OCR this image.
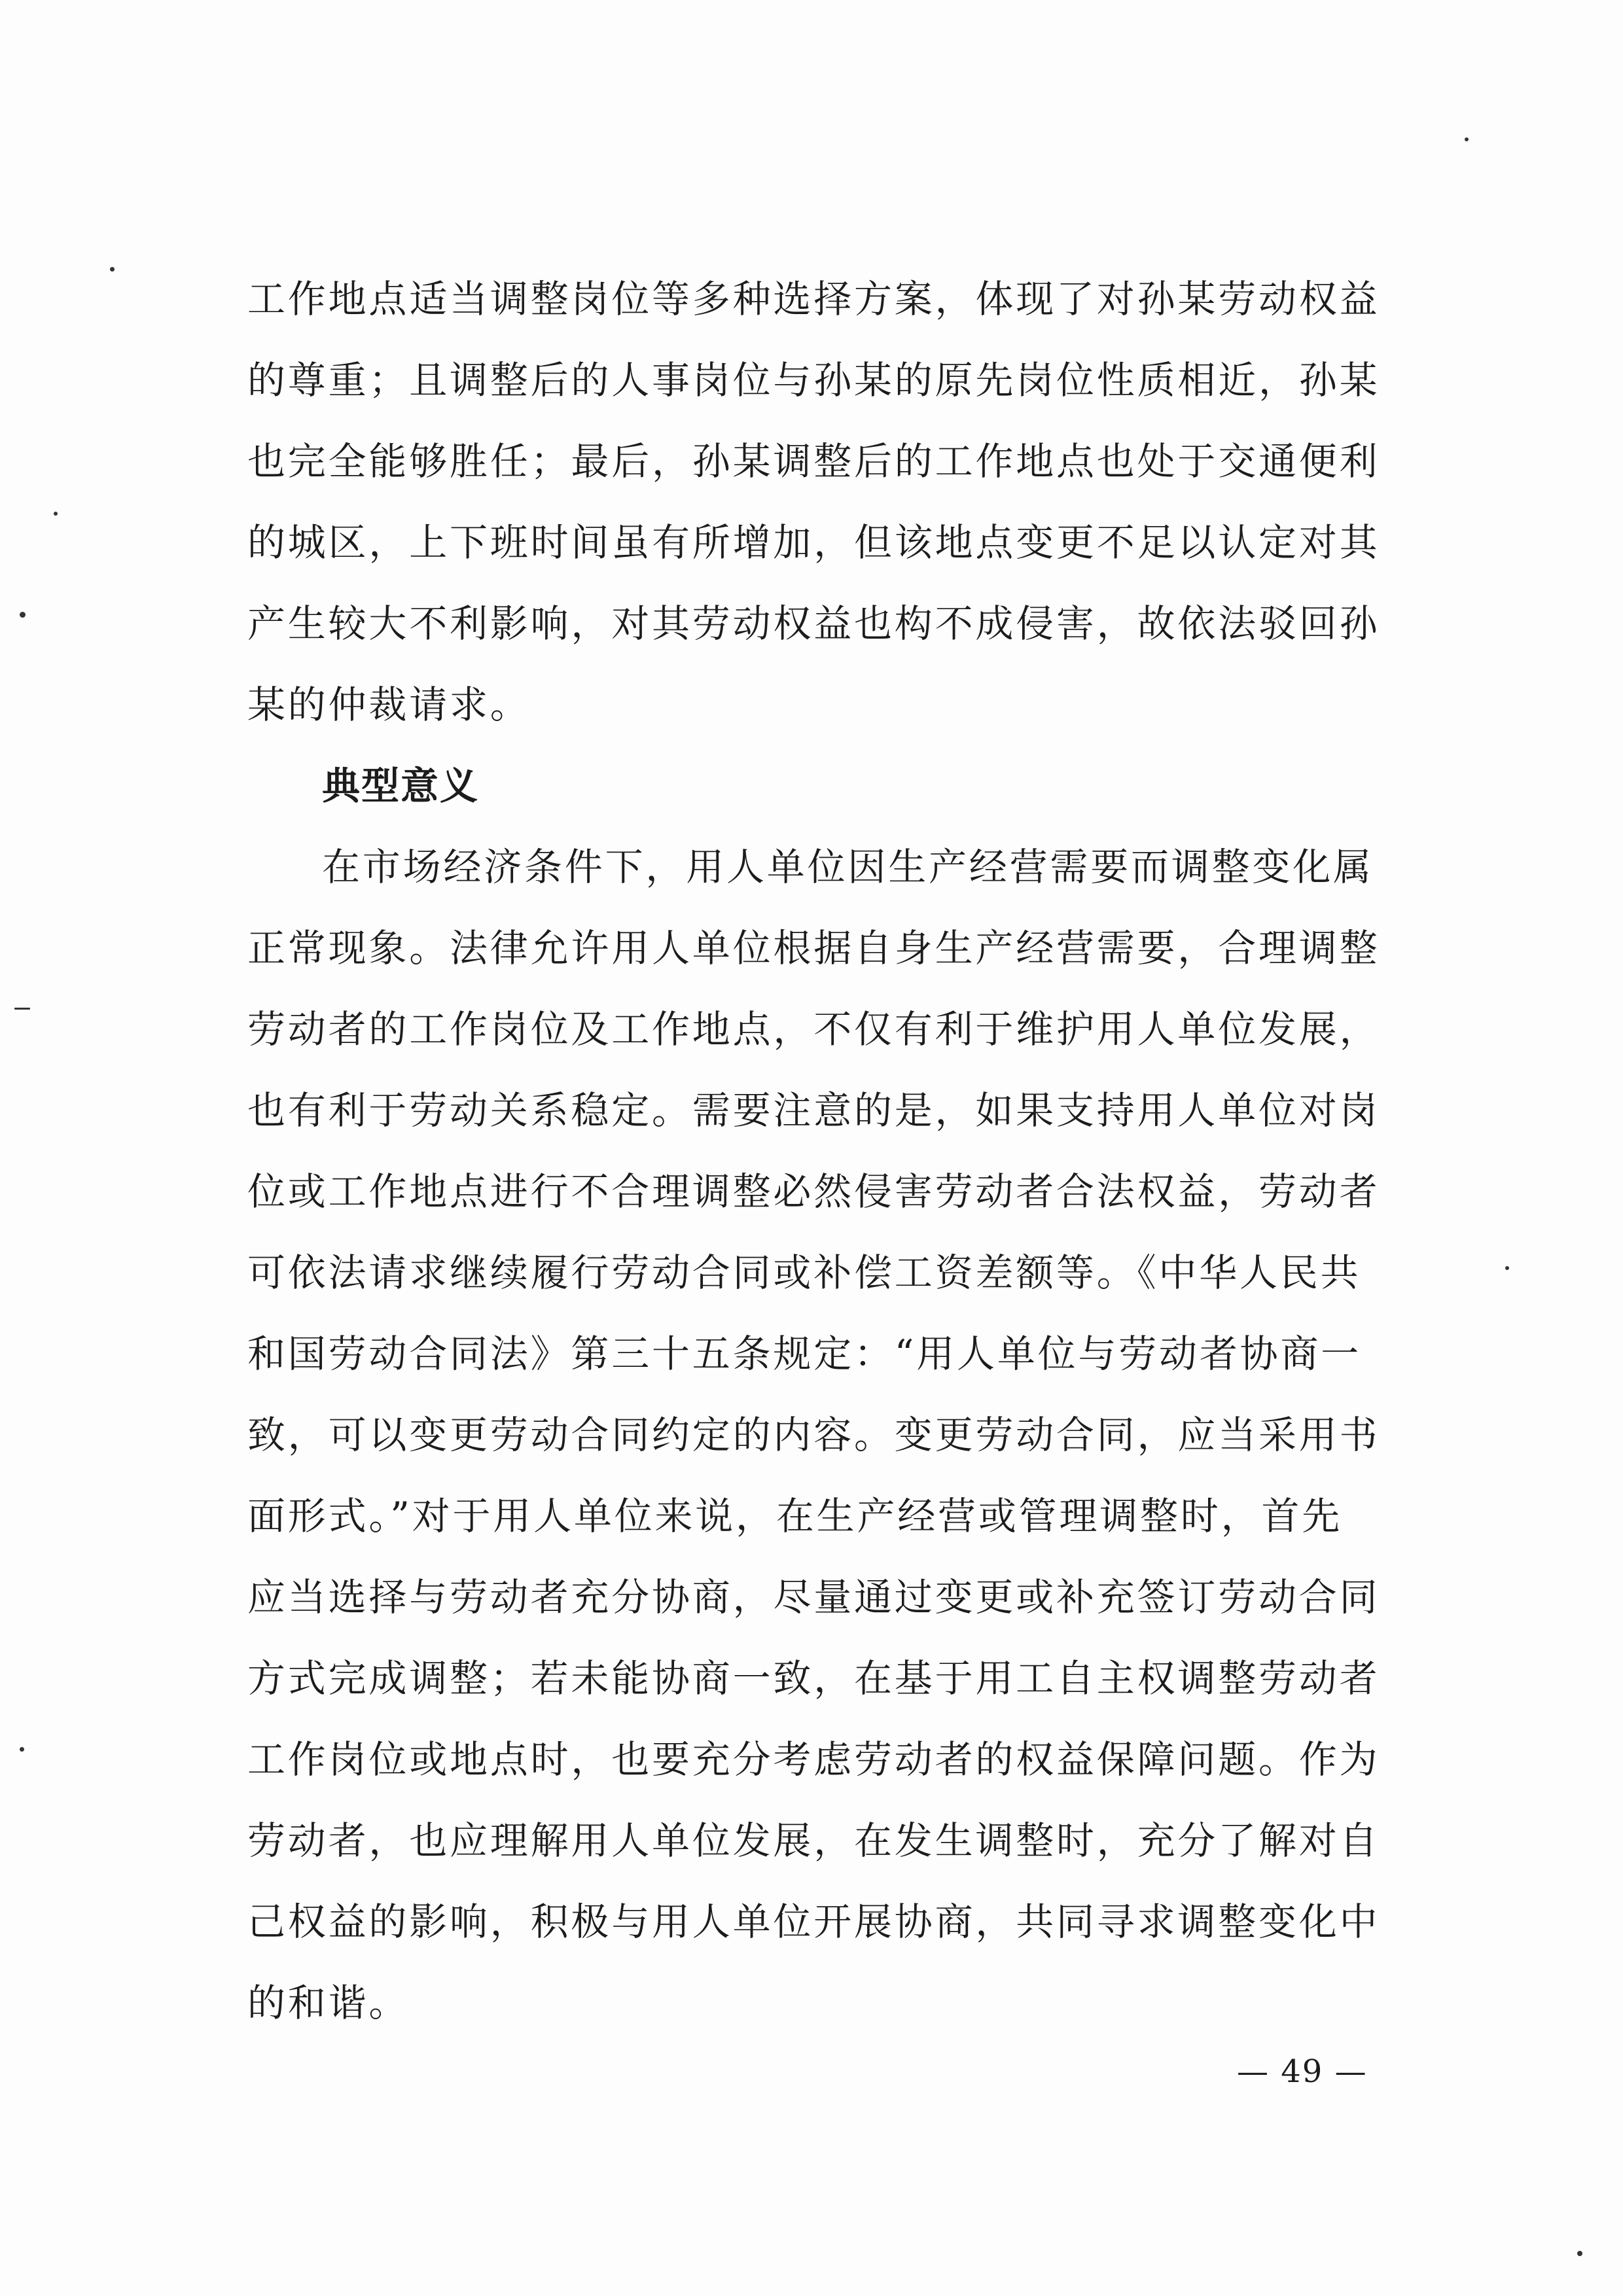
工作地点适当调整岗位等多种选择方案，体现了对孙某劳动权益
的尊重；且调整后的人事岗位与孙某的原先岗位性质相近，孙某
也完全能够胜任；最后，孙某调整后的工作地点也处于交通便利
的城区，上下班时间虽有所增加，但该地点变更不足以认定对其
产生较大不利影响，对其劳动权益也构不成侵害，故依法驳回孙
某的仲裁请求。
典型意义
在市场经济条件下，用人单位因生产经营需要而调整变化属
正常现象。法律允许用人单位根据自身生产经营需要，合理调整
劳动者的工作岗位及工作地点，不仅有利于维护用人单位发展，
也有利于劳动关系稳定。需要注意的是，如果支持用人单位对岗
位或工作地点进行不合理调整必然侵害劳动者合法权益，劳动者
可依法请求继续履行劳动合同或补偿工资差额等。《中华人民共
和国劳动合同法》第三十五条规定：“用人单位与劳动者协商一
致，可以变更劳动合同约定的内容。变更劳动合同，应当采用书
面形式。”对于用人单位来说，在生产经营或管理调整时，首先
应当选择与劳动者充分协商，尽量通过变更或补充签订劳动合同
方式完成调整；若未能协商一致，在基于用工自主权调整劳动者
工作岗位或地点时，也要充分考虑劳动者的权益保障问题。作为
劳动者，也应理解用人单位发展，在发生调整时，充分了解对自
己权益的影响，积极与用人单位开展协商，共同寻求调整变化中
的和谐。
— 49 —
